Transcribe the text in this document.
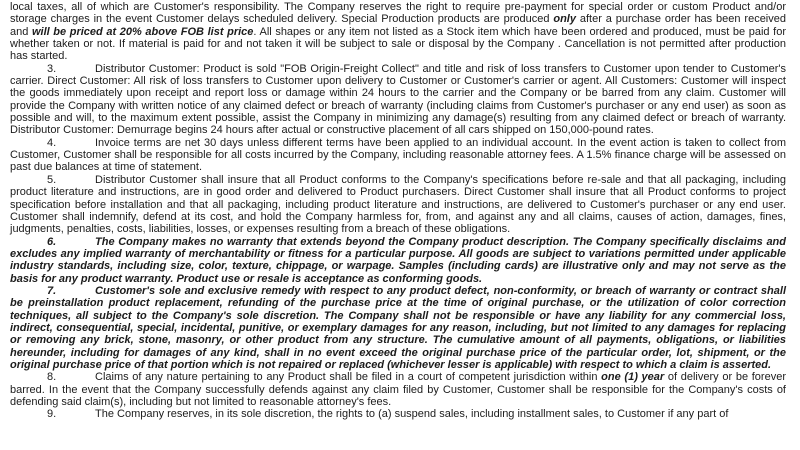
local taxes, all of which are Customer's responsibility. The Company reserves the right to require pre-payment for special order or custom Product and/or storage charges in the event Customer delays scheduled delivery. Special Production products are produced only after a purchase order has been received and will be priced at 20% above FOB list price. All shapes or any item not listed as a Stock item which have been ordered and produced, must be paid for whether taken or not. If material is paid for and not taken it will be subject to sale or disposal by the Company . Cancellation is not permitted after production has started.

3.	Distributor Customer: Product is sold "FOB Origin-Freight Collect" and title and risk of loss transfers to Customer upon tender to Customer's carrier. Direct Customer: All risk of loss transfers to Customer upon delivery to Customer or Customer's carrier or agent. All Customers: Customer will inspect the goods immediately upon receipt and report loss or damage within 24 hours to the carrier and the Company or be barred from any claim. Customer will provide the Company with written notice of any claimed defect or breach of warranty (including claims from Customer's purchaser or any end user) as soon as possible and will, to the maximum extent possible, assist the Company in minimizing any damage(s) resulting from any claimed defect or breach of warranty. Distributor Customer: Demurrage begins 24 hours after actual or constructive placement of all cars shipped on 150,000-pound rates.

4.	Invoice terms are net 30 days unless different terms have been applied to an individual account. In the event action is taken to collect from Customer, Customer shall be responsible for all costs incurred by the Company, including reasonable attorney fees. A 1.5% finance charge will be assessed on past due balances at time of statement.

5.	Distributor Customer shall insure that all Product conforms to the Company's specifications before re-sale and that all packaging, including product literature and instructions, are in good order and delivered to Product purchasers. Direct Customer shall insure that all Product conforms to project specification before installation and that all packaging, including product literature and instructions, are delivered to Customer's purchaser or any end user. Customer shall indemnify, defend at its cost, and hold the Company harmless for, from, and against any and all claims, causes of action, damages, fines, judgments, penalties, costs, liabilities, losses, or expenses resulting from a breach of these obligations.

6.	The Company makes no warranty that extends beyond the Company product description. The Company specifically disclaims and excludes any implied warranty of merchantability or fitness for a particular purpose. All goods are subject to variations permitted under applicable industry standards, including size, color, texture, chippage, or warpage. Samples (including cards) are illustrative only and may not serve as the basis for any product warranty. Product use or resale is acceptance as conforming goods.

7.	Customer's sole and exclusive remedy with respect to any product defect, non-conformity, or breach of warranty or contract shall be preinstallation product replacement, refunding of the purchase price at the time of original purchase, or the utilization of color correction techniques, all subject to the Company's sole discretion. The Company shall not be responsible or have any liability for any commercial loss, indirect, consequential, special, incidental, punitive, or exemplary damages for any reason, including, but not limited to any damages for replacing or removing any brick, stone, masonry, or other product from any structure. The cumulative amount of all payments, obligations, or liabilities hereunder, including for damages of any kind, shall in no event exceed the original purchase price of the particular order, lot, shipment, or the original purchase price of that portion which is not repaired or replaced (whichever lesser is applicable) with respect to which a claim is asserted.

8.	Claims of any nature pertaining to any Product shall be filed in a court of competent jurisdiction within one (1) year of delivery or be forever barred. In the event that the Company successfully defends against any claim filed by Customer, Customer shall be responsible for the Company's costs of defending said claim(s), including but not limited to reasonable attorney's fees.

9.	The Company reserves, in its sole discretion, the rights to (a) suspend sales, including installment sales, to Customer if any part of
